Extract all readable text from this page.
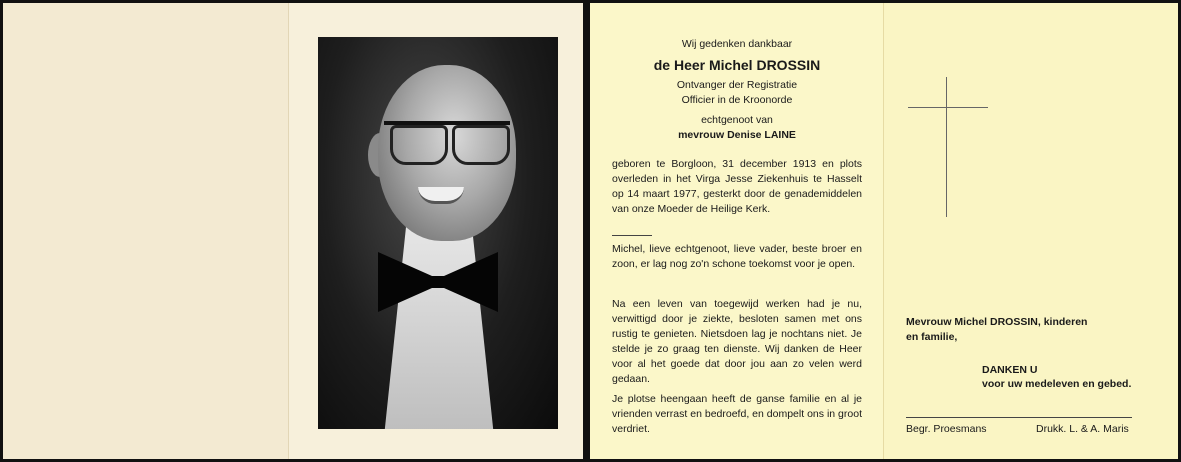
Wij gedenken dankbaar
de Heer Michel DROSSIN
Ontvanger der Registratie
Officier in de Kroonorde
echtgenoot van
mevrouw Denise LAINE
geboren te Borgloon, 31 december 1913 en plots overleden in het Virga Jesse Ziekenhuis te Hasselt op 14 maart 1977, gesterkt door de genademiddelen van onze Moeder de Heilige Kerk.
Michel, lieve echtgenoot, lieve vader, beste broer en zoon, er lag nog zo'n schone toekomst voor je open.
Na een leven van toegewijd werken had je nu, verwittigd door je ziekte, besloten samen met ons rustig te genieten. Nietsdoen lag je nochtans niet. Je stelde je zo graag ten dienste. Wij danken de Heer voor al het goede dat door jou aan zo velen werd gedaan.
Je plotse heengaan heeft de ganse familie en al je vrienden verrast en bedroefd, en dompelt ons in groot verdriet.
Mevrouw Michel DROSSIN, kinderen
en familie,
DANKEN U
voor uw medeleven en gebed.
Begr. Proesmans	Drukk. L. & A. Maris
